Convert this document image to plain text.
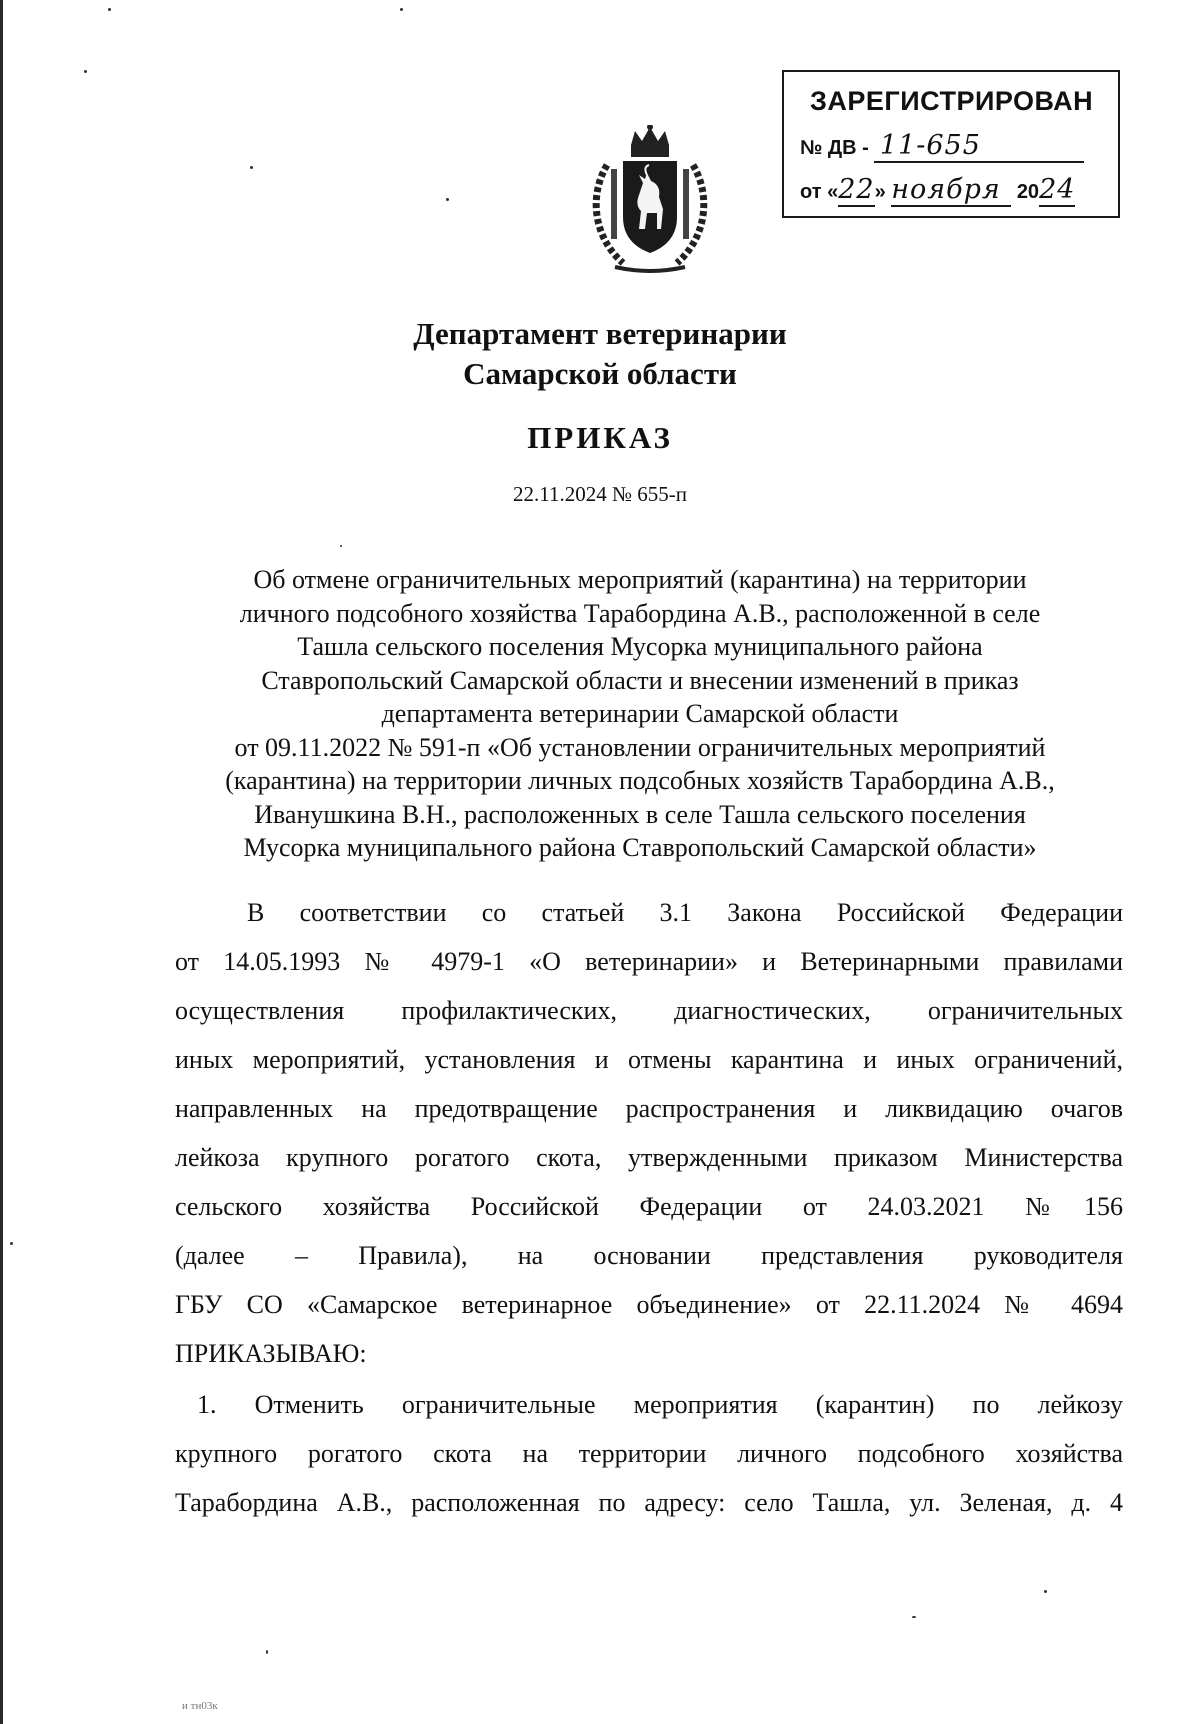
ЗАРЕГИСТРИРОВАН
№ ДВ - 11-655
от «22» ноября 2024
Департамент ветеринарии
Самарской области
ПРИКАЗ
22.11.2024 № 655-п
Об отмене ограничительных мероприятий (карантина) на территории
личного подсобного хозяйства Тарабордина А.В., расположенной в селе
Ташла сельского поселения Мусорка муниципального района
Ставропольский Самарской области и внесении изменений в приказ
департамента ветеринарии Самарской области
от 09.11.2022 № 591-п «Об установлении ограничительных мероприятий
(карантина) на территории личных подсобных хозяйств Тарабордина А.В.,
Иванушкина В.Н., расположенных в селе Ташла сельского поселения
Мусорка муниципального района Ставропольский Самарской области»
В соответствии со статьей 3.1 Закона Российской Федерации
от 14.05.1993 № 4979-1 «О ветеринарии» и Ветеринарными правилами
осуществления профилактических, диагностических, ограничительных
иных мероприятий, установления и отмены карантина и иных ограничений,
направленных на предотвращение распространения и ликвидацию очагов
лейкоза крупного рогатого скота, утвержденными приказом Министерства
сельского хозяйства Российской Федерации от 24.03.2021 №156
(далее – Правила), на основании представления руководителя
ГБУ СО «Самарское ветеринарное объединение» от 22.11.2024 № 4694
ПРИКАЗЫВАЮ:
1. Отменить ограничительные мероприятия (карантин) по лейкозу
крупного рогатого скота на территории личного подсобного хозяйства
Тарабордина А.В., расположенная по адресу: село Ташла, ул. Зеленая, д. 4
и тн03к
